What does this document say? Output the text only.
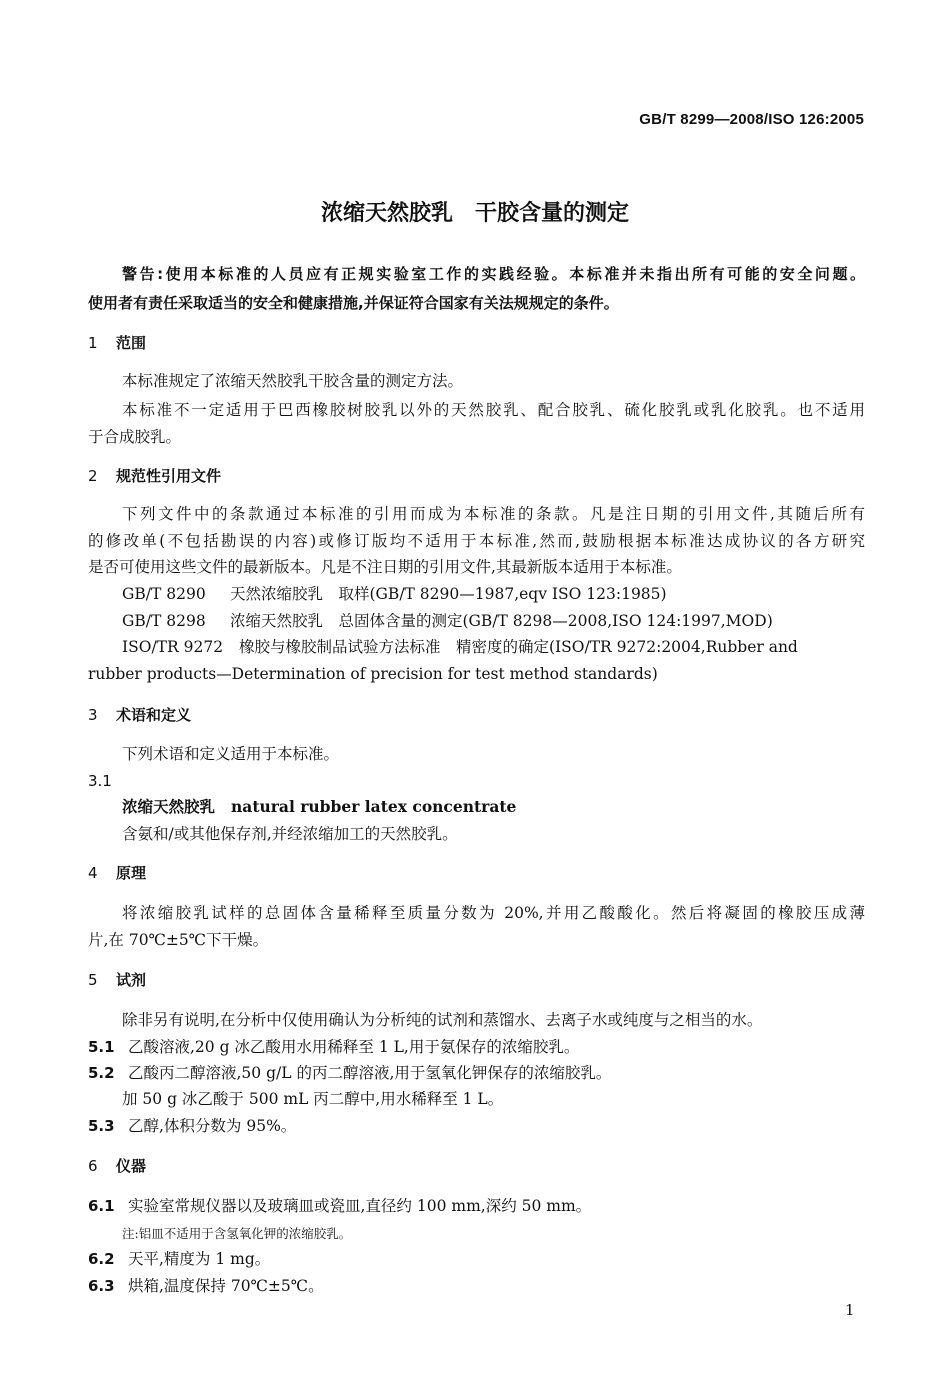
GB/T 8299—2008/ISO 126:2005
浓缩天然胶乳　干胶含量的测定
警告:使用本标准的人员应有正规实验室工作的实践经验。本标准并未指出所有可能的安全问题。
使用者有责任采取适当的安全和健康措施,并保证符合国家有关法规规定的条件。
1 范围
本标准规定了浓缩天然胶乳干胶含量的测定方法。
本标准不一定适用于巴西橡胶树胶乳以外的天然胶乳、配合胶乳、硫化胶乳或乳化胶乳。也不适用
于合成胶乳。
2 规范性引用文件
下列文件中的条款通过本标准的引用而成为本标准的条款。凡是注日期的引用文件,其随后所有
的修改单(不包括勘误的内容)或修订版均不适用于本标准,然而,鼓励根据本标准达成协议的各方研究
是否可使用这些文件的最新版本。凡是不注日期的引用文件,其最新版本适用于本标准。
GB/T 8290 天然浓缩胶乳　取样(GB/T 8290—1987,eqv ISO 123:1985)
GB/T 8298 浓缩天然胶乳　总固体含量的测定(GB/T 8298—2008,ISO 124:1997,MOD)
ISO/TR 9272 橡胶与橡胶制品试验方法标准　精密度的确定(ISO/TR 9272:2004,Rubber and
rubber products—Determination of precision for test method standards)
3 术语和定义
下列术语和定义适用于本标准。
3.1
浓缩天然胶乳 natural rubber latex concentrate
含氨和/或其他保存剂,并经浓缩加工的天然胶乳。
4 原理
将浓缩胶乳试样的总固体含量稀释至质量分数为 20%,并用乙酸酸化。然后将凝固的橡胶压成薄
片,在 70℃±5℃下干燥。
5 试剂
除非另有说明,在分析中仅使用确认为分析纯的试剂和蒸馏水、去离子水或纯度与之相当的水。
5.1 乙酸溶液,20 g 冰乙酸用水用稀释至 1 L,用于氨保存的浓缩胶乳。
5.2 乙酸丙二醇溶液,50 g/L 的丙二醇溶液,用于氢氧化钾保存的浓缩胶乳。
加 50 g 冰乙酸于 500 mL 丙二醇中,用水稀释至 1 L。
5.3 乙醇,体积分数为 95%。
6 仪器
6.1 实验室常规仪器以及玻璃皿或瓷皿,直径约 100 mm,深约 50 mm。
注:铝皿不适用于含氢氧化钾的浓缩胶乳。
6.2 天平,精度为 1 mg。
6.3 烘箱,温度保持 70℃±5℃。
1
